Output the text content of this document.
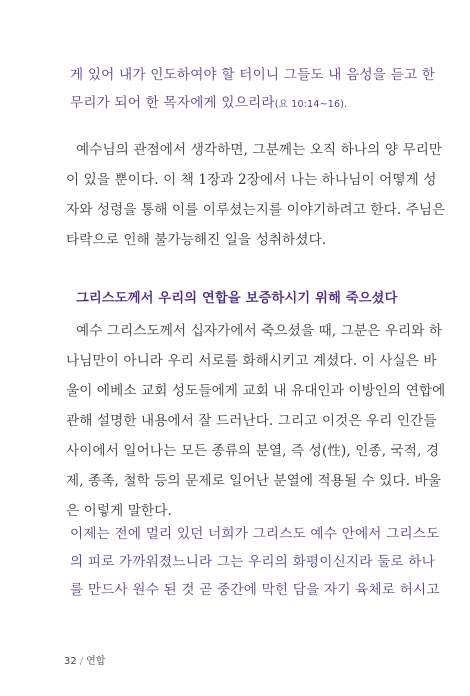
게 있어 내가 인도하여야 할 터이니 그들도 내 음성을 듣고 한
무리가 되어 한 목자에게 있으리라(요 10:14~16).
예수님의 관점에서 생각하면, 그분께는 오직 하나의 양 무리만
이 있을 뿐이다. 이 책 1장과 2장에서 나는 하나님이 어떻게 성
자와 성령을 통해 이를 이루셨는지를 이야기하려고 한다. 주님은
타락으로 인해 불가능해진 일을 성취하셨다.
그리스도께서 우리의 연합을 보증하시기 위해 죽으셨다
예수 그리스도께서 십자가에서 죽으셨을 때, 그분은 우리와 하
나님만이 아니라 우리 서로를 화해시키고 계셨다. 이 사실은 바
울이 에베소 교회 성도들에게 교회 내 유대인과 이방인의 연합에
관해 설명한 내용에서 잘 드러난다. 그리고 이것은 우리 인간들
사이에서 일어나는 모든 종류의 분열, 즉 성(性), 인종, 국적, 경
제, 종족, 철학 등의 문제로 일어난 분열에 적용될 수 있다. 바울
은 이렇게 말한다.
이제는 전에 멀리 있던 너희가 그리스도 예수 안에서 그리스도
의 피로 가까워졌느니라 그는 우리의 화평이신지라 둘로 하나
를 만드사 원수 된 것 곧 중간에 막힌 담을 자기 육체로 허시고
32 / 연합
